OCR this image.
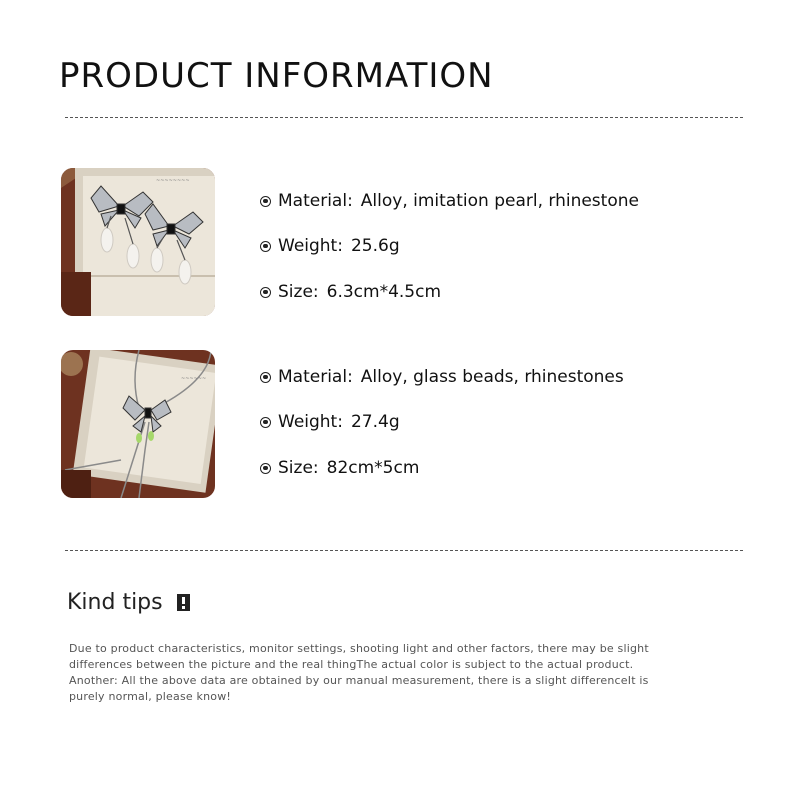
PRODUCT INFORMATION
~~~~~~~~
Material: Alloy, imitation pearl, rhinestone
Weight: 25.6g
Size: 6.3cm*4.5cm
~~~~~~	Material: Alloy, glass beads, rhinestones
Weight: 27.4g
Size: 82cm*5cm
Kind tips
Due to product characteristics, monitor settings, shooting light and other factors, there may be slight
differences between the picture and the real thingThe actual color is subject to the actual product.
Another: All the above data are obtained by our manual measurement, there is a slight differenceIt is
purely normal, please know!
